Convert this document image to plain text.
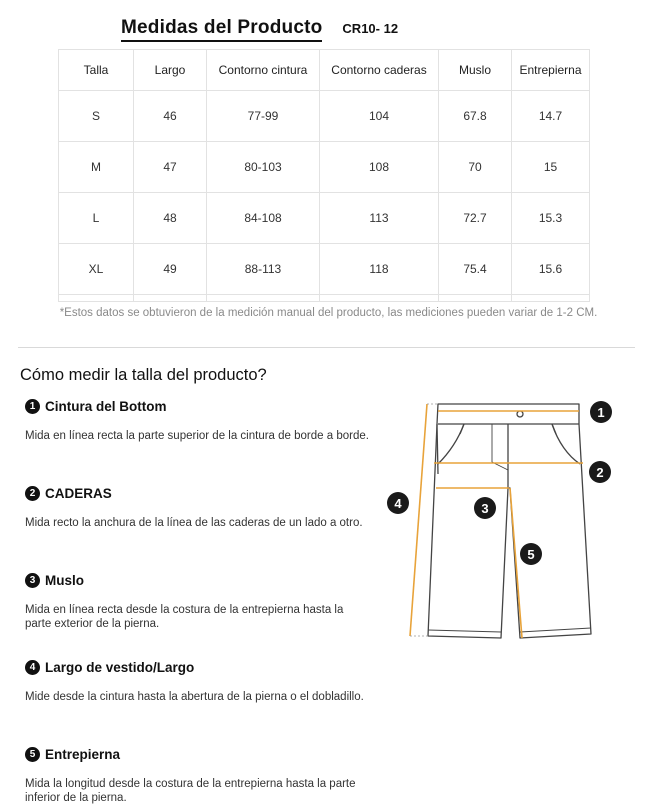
Medidas del Producto CR10- 12
Talla	Largo	Contorno cintura	Contorno caderas	Muslo	Entrepierna
S	46	77-99	104	67.8	14.7
M	47	80-103	108	70	15
L	48	84-108	113	72.7	15.3
XL	49	88-113	118	75.4	15.6

*Estos datos se obtuvieron de la medición manual del producto, las mediciones pueden variar de 1-2 CM.
Cómo medir la talla del producto?
1 Cintura del Bottom
Mida en línea recta la parte superior de la cintura de borde a borde.
2 CADERAS
Mida recto la anchura de la línea de las caderas de un lado a otro.
3 Muslo
Mida en línea recta desde la costura de la entrepierna hasta la parte exterior de la pierna.
4 Largo de vestido/Largo
Mide desde la cintura hasta la abertura de la pierna o el dobladillo.
5 Entrepierna
Mida la longitud desde la costura de la entrepierna hasta la parte inferior de la pierna.
1
2
3
4
5
